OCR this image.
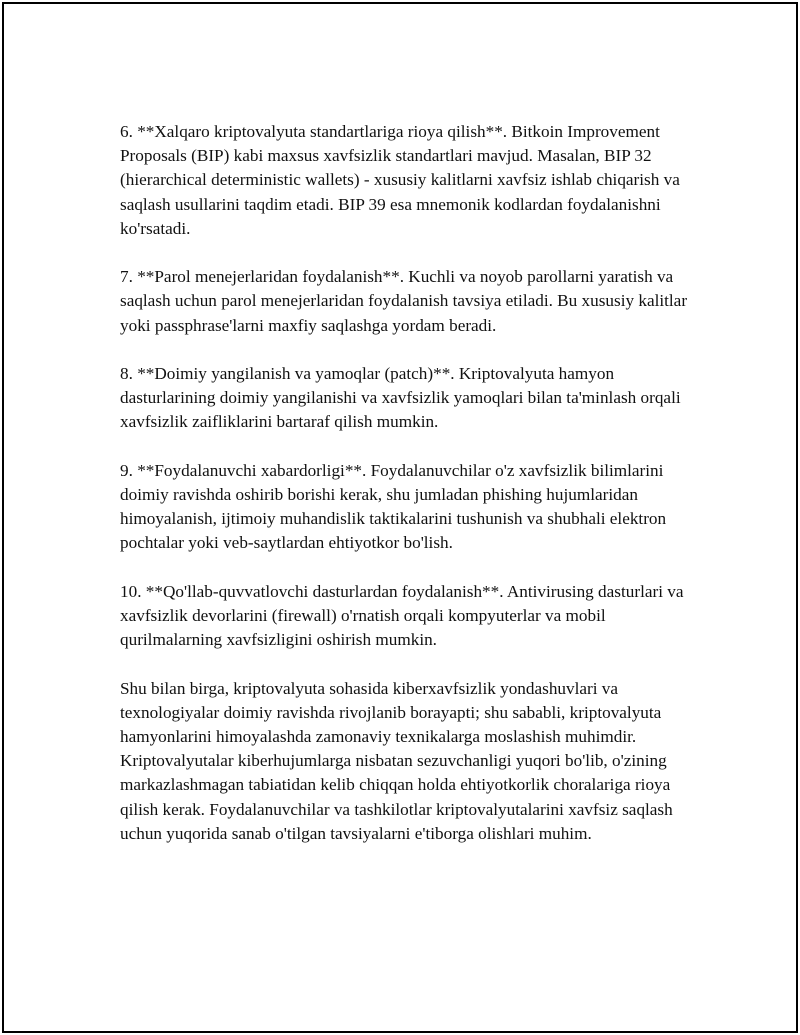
6. **Xalqaro kriptovalyuta standartlariga rioya qilish**. Bitkoin Improvement Proposals (BIP) kabi maxsus xavfsizlik standartlari mavjud. Masalan, BIP 32 (hierarchical deterministic wallets) - xususiy kalitlarni xavfsiz ishlab chiqarish va saqlash usullarini taqdim etadi. BIP 39 esa mnemonik kodlardan foydalanishni ko'rsatadi.

7. **Parol menejerlaridan foydalanish**. Kuchli va noyob parollarni yaratish va saqlash uchun parol menejerlaridan foydalanish tavsiya etiladi. Bu xususiy kalitlar yoki passphrase'larni maxfiy saqlashga yordam beradi.

8. **Doimiy yangilanish va yamoqlar (patch)**. Kriptovalyuta hamyon dasturlarining doimiy yangilanishi va xavfsizlik yamoqlari bilan ta'minlash orqali xavfsizlik zaifliklarini bartaraf qilish mumkin.

9. **Foydalanuvchi xabardorligi**. Foydalanuvchilar o'z xavfsizlik bilimlarini doimiy ravishda oshirib borishi kerak, shu jumladan phishing hujumlaridan himoyalanish, ijtimoiy muhandislik taktikalarini tushunish va shubhali elektron pochtalar yoki veb-saytlardan ehtiyotkor bo'lish.

10. **Qo'llab-quvvatlovchi dasturlardan foydalanish**. Antivirusing dasturlari va xavfsizlik devorlarini (firewall) o'rnatish orqali kompyuterlar va mobil qurilmalarning xavfsizligini oshirish mumkin.

Shu bilan birga, kriptovalyuta sohasida kiberxavfsizlik yondashuvlari va texnologiyalar doimiy ravishda rivojlanib borayapti; shu sababli, kriptovalyuta hamyonlarini himoyalashda zamonaviy texnikalarga moslashish muhimdir. Kriptovalyutalar kiberhujumlarga nisbatan sezuvchanligi yuqori bo'lib, o'zining markazlashmagan tabiatidan kelib chiqqan holda ehtiyotkorlik choralariga rioya qilish kerak. Foydalanuvchilar va tashkilotlar kriptovalyutalarini xavfsiz saqlash uchun yuqorida sanab o'tilgan tavsiyalarni e'tiborga olishlari muhim.
